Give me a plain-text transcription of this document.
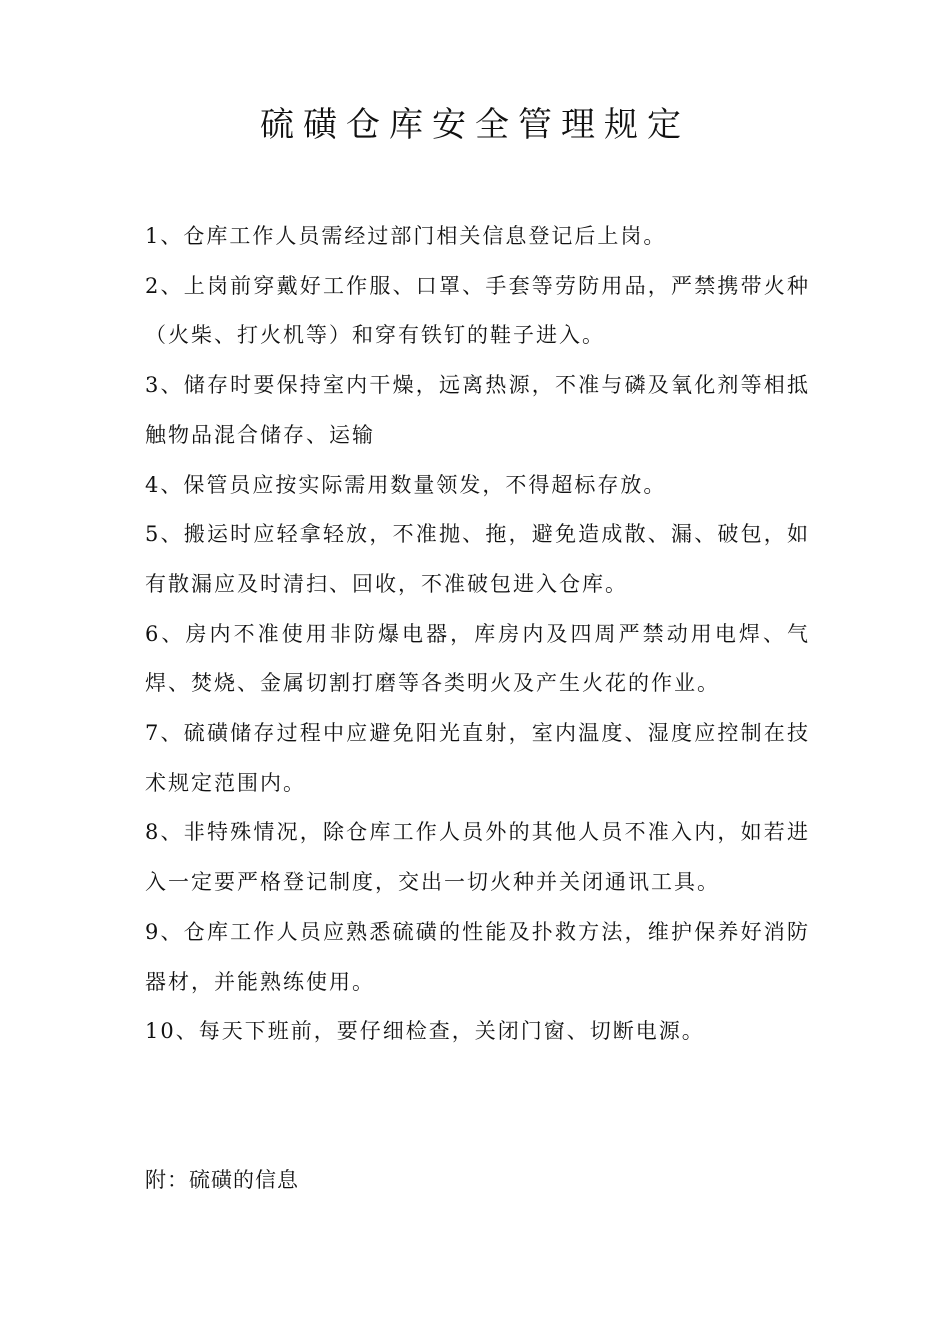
硫磺仓库安全管理规定

1、仓库工作人员需经过部门相关信息登记后上岗。

2、上岗前穿戴好工作服、口罩、手套等劳防用品，严禁携带火种（火柴、打火机等）和穿有铁钉的鞋子进入。

3、储存时要保持室内干燥，远离热源，不准与磷及氧化剂等相抵触物品混合储存、运输

4、保管员应按实际需用数量领发，不得超标存放。

5、搬运时应轻拿轻放，不准抛、拖，避免造成散、漏、破包，如有散漏应及时清扫、回收，不准破包进入仓库。

6、房内不准使用非防爆电器，库房内及四周严禁动用电焊、气焊、焚烧、金属切割打磨等各类明火及产生火花的作业。

7、硫磺储存过程中应避免阳光直射，室内温度、湿度应控制在技术规定范围内。

8、非特殊情况，除仓库工作人员外的其他人员不准入内，如若进入一定要严格登记制度，交出一切火种并关闭通讯工具。

9、仓库工作人员应熟悉硫磺的性能及扑救方法，维护保养好消防器材，并能熟练使用。

10、每天下班前，要仔细检查，关闭门窗、切断电源。

附：硫磺的信息
